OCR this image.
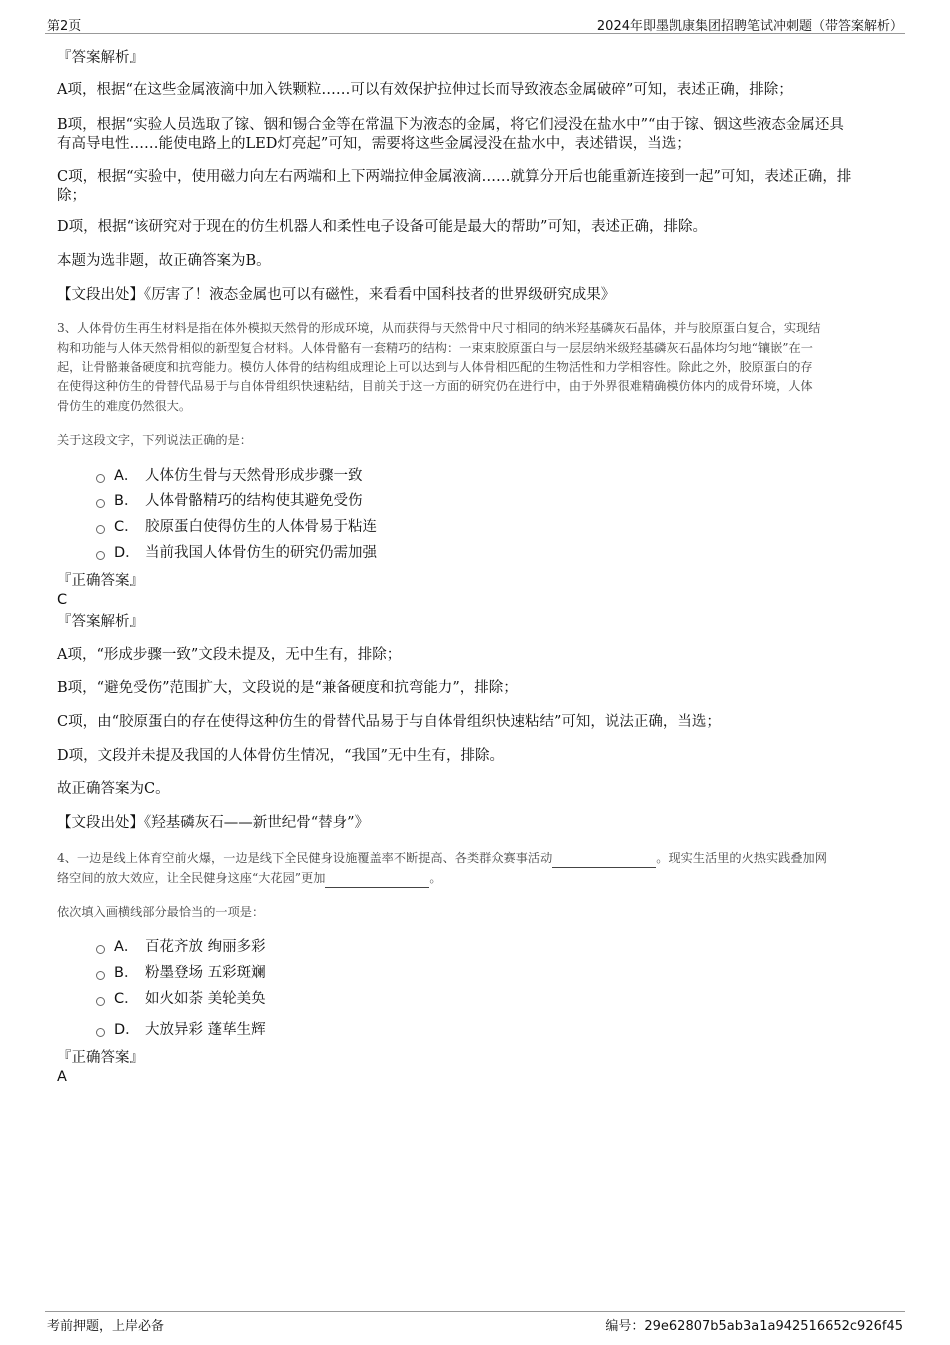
第2页	2024年即墨凯康集团招聘笔试冲刺题（带答案解析）
『答案解析』
A项，根据“在这些金属液滴中加入铁颗粒……可以有效保护拉伸过长而导致液态金属破碎”可知，表述正确，排除；
B项，根据“实验人员选取了镓、铟和锡合金等在常温下为液态的金属，将它们浸没在盐水中”“由于镓、铟这些液态金属还具
有高导电性……能使电路上的LED灯亮起”可知，需要将这些金属浸没在盐水中，表述错误，当选；
C项，根据“实验中，使用磁力向左右两端和上下两端拉伸金属液滴……就算分开后也能重新连接到一起”可知，表述正确，排
除；
D项，根据“该研究对于现在的仿生机器人和柔性电子设备可能是最大的帮助”可知，表述正确，排除。
本题为选非题，故正确答案为B。
【文段出处】《厉害了！液态金属也可以有磁性，来看看中国科技者的世界级研究成果》
3、人体骨仿生再生材料是指在体外模拟天然骨的形成环境，从而获得与天然骨中尺寸相同的纳米羟基磷灰石晶体，并与胶原蛋白复合，实现结
构和功能与人体天然骨相似的新型复合材料。人体骨骼有一套精巧的结构：一束束胶原蛋白与一层层纳米级羟基磷灰石晶体均匀地“镶嵌”在一
起，让骨骼兼备硬度和抗弯能力。模仿人体骨的结构组成理论上可以达到与人体骨相匹配的生物活性和力学相容性。除此之外，胶原蛋白的存
在使得这种仿生的骨替代品易于与自体骨组织快速粘结，目前关于这一方面的研究仍在进行中，由于外界很难精确模仿体内的成骨环境，人体
骨仿生的难度仍然很大。
关于这段文字，下列说法正确的是：
A． 人体仿生骨与天然骨形成步骤一致
B． 人体骨骼精巧的结构使其避免受伤
C． 胶原蛋白使得仿生的人体骨易于粘连
D． 当前我国人体骨仿生的研究仍需加强
『正确答案』
C
『答案解析』
A项，“形成步骤一致”文段未提及，无中生有，排除；
B项，“避免受伤”范围扩大，文段说的是“兼备硬度和抗弯能力”，排除；
C项，由“胶原蛋白的存在使得这种仿生的骨替代品易于与自体骨组织快速粘结”可知，说法正确，当选；
D项，文段并未提及我国的人体骨仿生情况，“我国”无中生有，排除。
故正确答案为C。
【文段出处】《羟基磷灰石——新世纪骨“替身”》
4、一边是线上体育空前火爆，一边是线下全民健身设施覆盖率不断提高、各类群众赛事活动	。现实生活里的火热实践叠加网
络空间的放大效应，让全民健身这座“大花园”更加	。
依次填入画横线部分最恰当的一项是：
A． 百花齐放 绚丽多彩
B． 粉墨登场 五彩斑斓
C． 如火如荼 美轮美奂
D． 大放异彩 蓬荜生辉
『正确答案』
A
考前押题，上岸必备	编号：29e62807b5ab3a1a942516652c926f45
